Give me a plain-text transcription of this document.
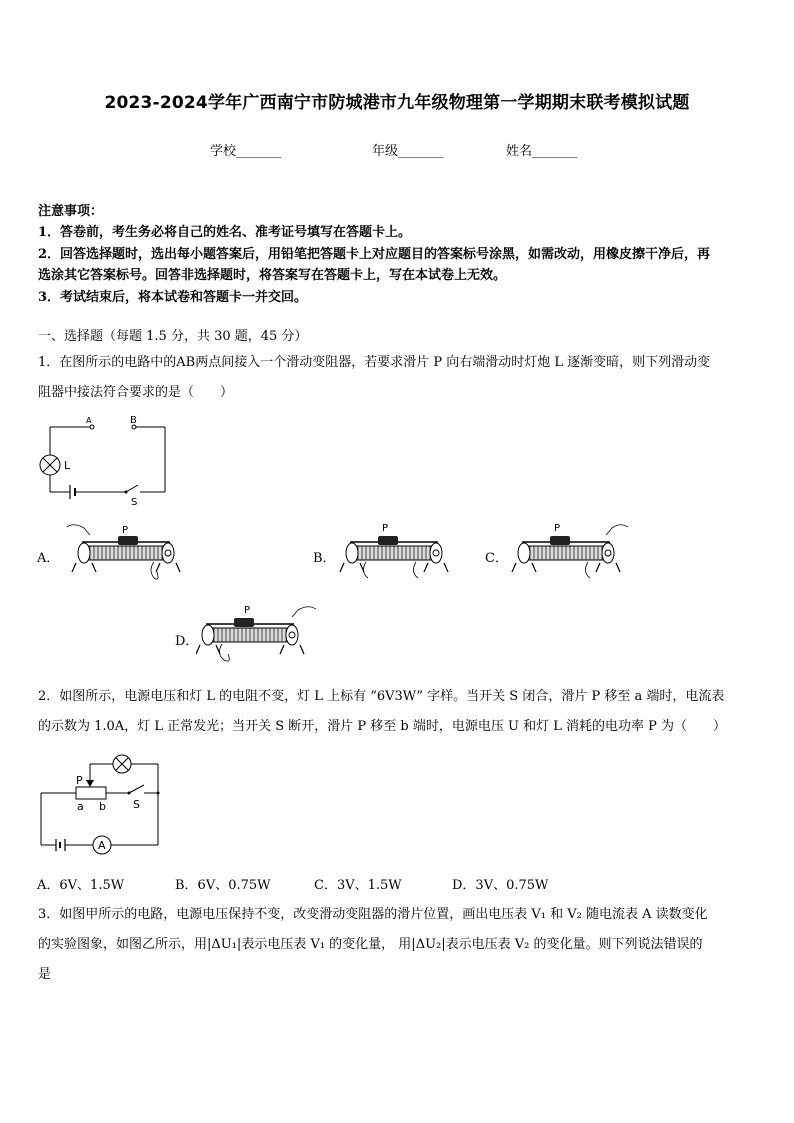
2023-2024学年广西南宁市防城港市九年级物理第一学期期末联考模拟试题
学校_______	年级_______	姓名_______
注意事项：
1．答卷前，考生务必将自己的姓名、准考证号填写在答题卡上。
2．回答选择题时，选出每小题答案后，用铅笔把答题卡上对应题目的答案标号涂黑，如需改动，用橡皮擦干净后，再
选涂其它答案标号。回答非选择题时，将答案写在答题卡上，写在本试卷上无效。
3．考试结束后，将本试卷和答题卡一并交回。
一、选择题（每题 1.5 分，共 30 题，45 分）
1．在图所示的电路中的AB两点间接入一个滑动变阻器，若要求滑片 P 向右端滑动时灯炮 L 逐渐变暗，则下列滑动变
阻器中接法符合要求的是（　　）
A	B
L
S
A．
P
B．
P
C．
P
D．
P
2．如图所示，电源电压和灯 L 的电阻不变，灯 L 上标有 “6V3W” 字样。当开关 S 闭合，滑片 P 移至 a 端时，电流表
的示数为 1.0A，灯 L 正常发光；当开关 S 断开，滑片 P 移至 b 端时，电源电压 U 和灯 L 消耗的电功率 P 为（　　）
P
a b S
A
A．6V、1.5W	B．6V、0.75W	C．3V、1.5W	D．3V、0.75W
3．如图甲所示的电路，电源电压保持不变，改变滑动变阻器的滑片位置，画出电压表 V₁ 和 V₂ 随电流表 A 读数变化
的实验图象，如图乙所示，用|ΔU₁|表示电压表 V₁ 的变化量， 用|ΔU₂|表示电压表 V₂ 的变化量。则下列说法错误的
是
